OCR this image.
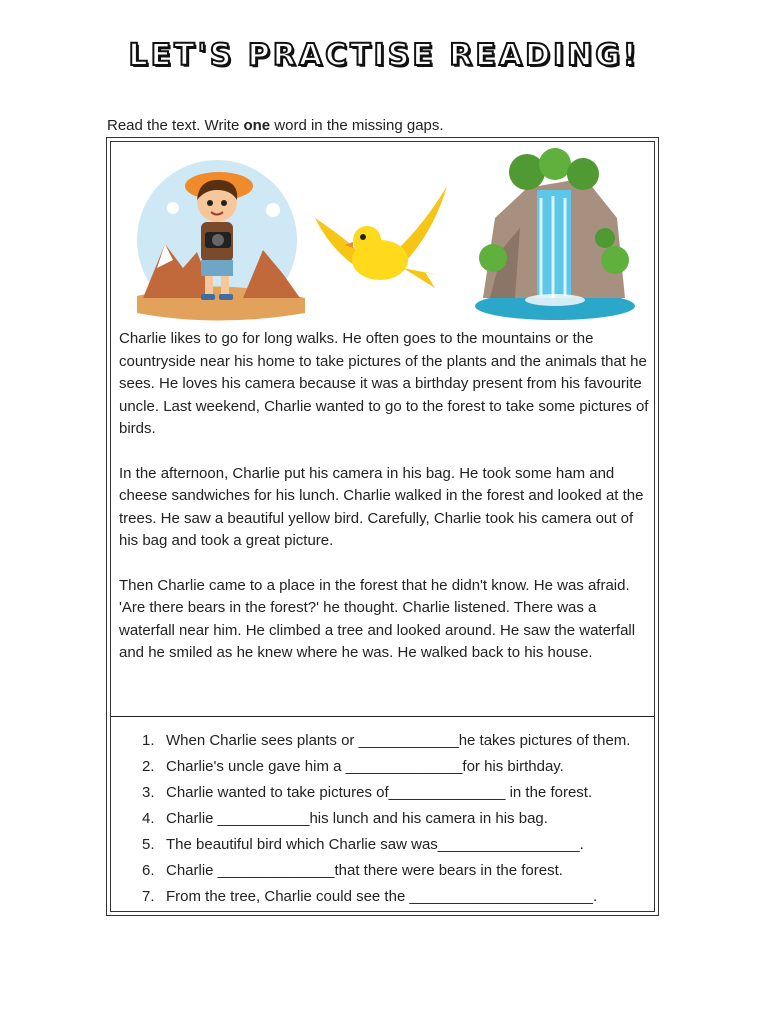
LET'S PRACTISE READING!
Read the text. Write one word in the missing gaps.

Charlie likes to go for long walks. He often goes to the mountains or the countryside near his home to take pictures of the plants and the animals that he sees. He loves his camera because it was a birthday present from his favourite uncle. Last weekend, Charlie wanted to go to the forest to take some pictures of birds.

In the afternoon, Charlie put his camera in his bag. He took some ham and cheese sandwiches for his lunch. Charlie walked in the forest and looked at the trees. He saw a beautiful yellow bird. Carefully, Charlie took his camera out of his bag and took a great picture.

Then Charlie came to a place in the forest that he didn't know. He was afraid. 'Are there bears in the forest?' he thought. Charlie listened. There was a waterfall near him. He climbed a tree and looked around. He saw the waterfall and he smiled as he knew where he was. He walked back to his house.

1. When Charlie sees plants or ____________he takes pictures of them.
2. Charlie's uncle gave him a ______________for his birthday.
3. Charlie wanted to take pictures of______________ in the forest.
4. Charlie ___________his lunch and his camera in his bag.
5. The beautiful bird which Charlie saw was_________________.
6. Charlie ______________that there were bears in the forest.
7. From the tree, Charlie could see the ______________________.
